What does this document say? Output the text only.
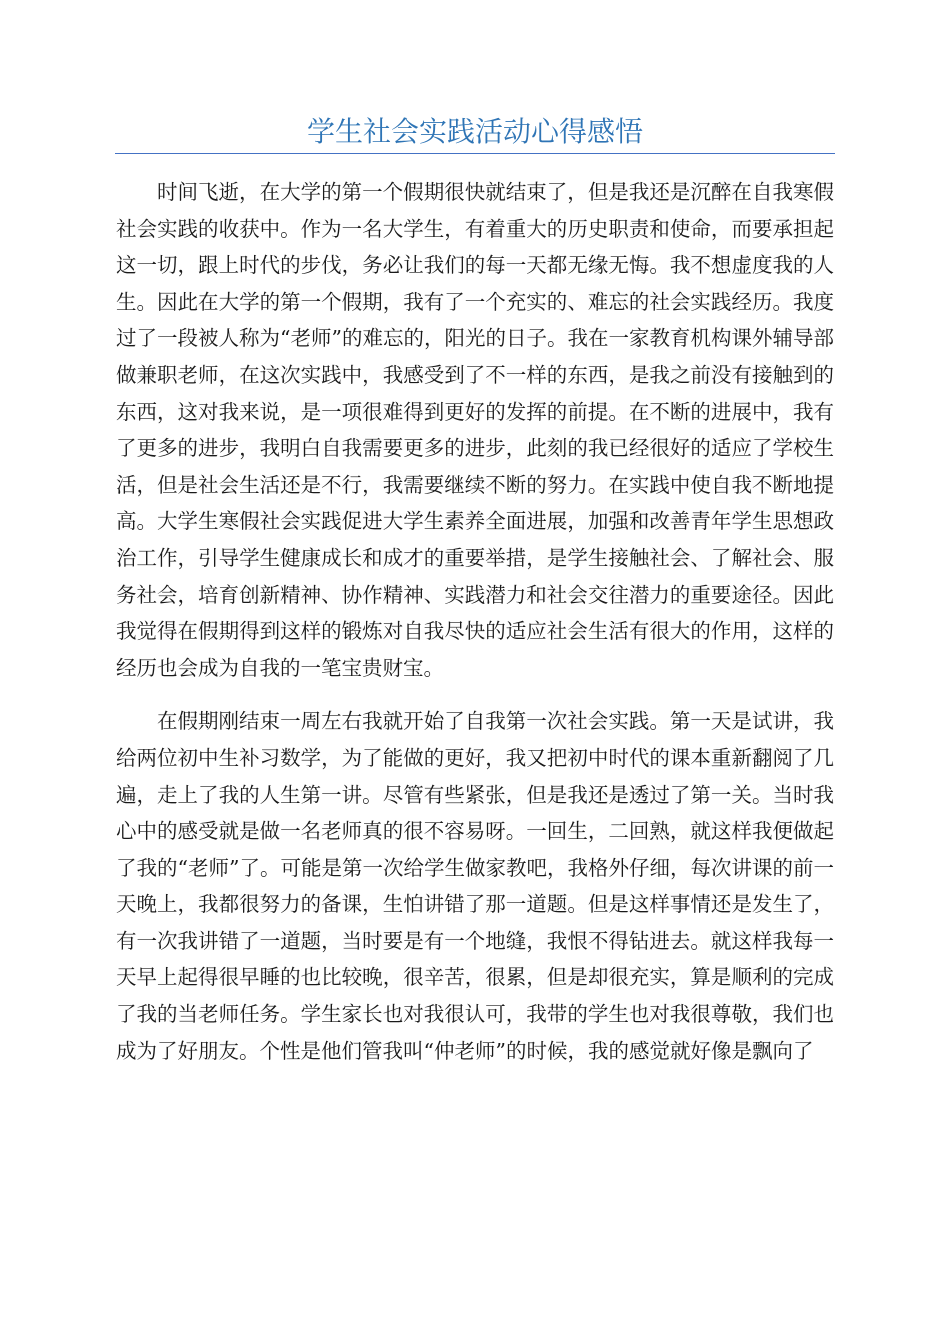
学生社会实践活动心得感悟

时间飞逝，在大学的第一个假期很快就结束了，但是我还是沉醉在自我寒假社会实践的收获中。作为一名大学生，有着重大的历史职责和使命，而要承担起这一切，跟上时代的步伐，务必让我们的每一天都无缘无悔。我不想虚度我的人生。因此在大学的第一个假期，我有了一个充实的、难忘的社会实践经历。我度过了一段被人称为“老师”的难忘的，阳光的日子。我在一家教育机构课外辅导部做兼职老师，在这次实践中，我感受到了不一样的东西，是我之前没有接触到的东西，这对我来说，是一项很难得到更好的发挥的前提。在不断的进展中，我有了更多的进步，我明白自我需要更多的进步，此刻的我已经很好的适应了学校生活，但是社会生活还是不行，我需要继续不断的努力。在实践中使自我不断地提高。大学生寒假社会实践促进大学生素养全面进展，加强和改善青年学生思想政治工作，引导学生健康成长和成才的重要举措，是学生接触社会、了解社会、服务社会，培育创新精神、协作精神、实践潜力和社会交往潜力的重要途径。因此我觉得在假期得到这样的锻炼对自我尽快的适应社会生活有很大的作用，这样的经历也会成为自我的一笔宝贵财宝。

在假期刚结束一周左右我就开始了自我第一次社会实践。第一天是试讲，我给两位初中生补习数学，为了能做的更好，我又把初中时代的课本重新翻阅了几遍，走上了我的人生第一讲。尽管有些紧张，但是我还是透过了第一关。当时我心中的感受就是做一名老师真的很不容易呀。一回生，二回熟，就这样我便做起了我的“老师”了。可能是第一次给学生做家教吧，我格外仔细，每次讲课的前一天晚上，我都很努力的备课，生怕讲错了那一道题。但是这样事情还是发生了，有一次我讲错了一道题，当时要是有一个地缝，我恨不得钻进去。就这样我每一天早上起得很早睡的也比较晚，很辛苦，很累，但是却很充实，算是顺利的完成了我的当老师任务。学生家长也对我很认可，我带的学生也对我很尊敬，我们也成为了好朋友。个性是他们管我叫“仲老师”的时候，我的感觉就好像是飘向了
